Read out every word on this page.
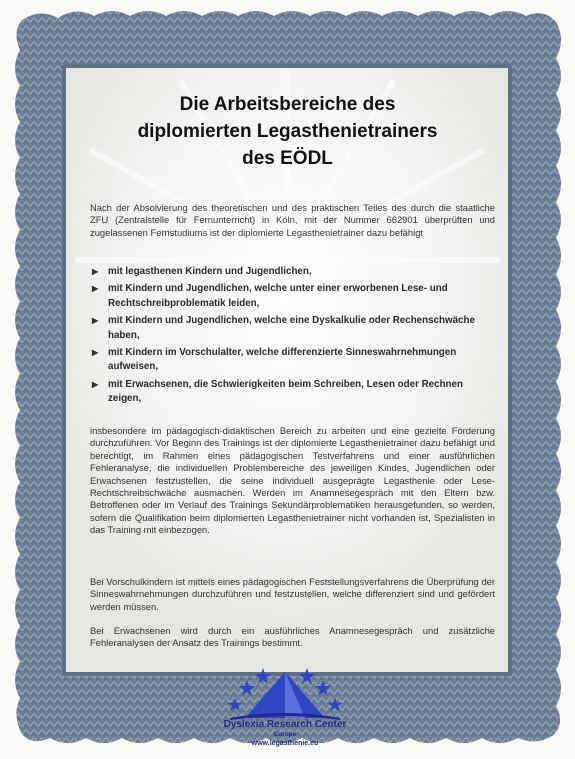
Die Arbeitsbereiche des
diplomierten Legasthenietrainers
des EÖDL

Nach der Absolvierung des theoretischen und des praktischen Teiles des durch die staatliche ZFU (Zentralstelle für Fernunterricht) in Köln, mit der Nummer 662901 überprüften und zugelassenen Fernstudiums ist der diplomierte Legasthenietrainer dazu befähigt

▶ mit legasthenen Kindern und Jugendlichen,
▶ mit Kindern und Jugendlichen, welche unter einer erworbenen Lese- und Rechtschreibproblematik leiden,
▶ mit Kindern und Jugendlichen, welche eine Dyskalkulie oder Rechenschwäche haben,
▶ mit Kindern im Vorschulalter, welche differenzierte Sinneswahrnehmungen aufweisen,
▶ mit Erwachsenen, die Schwierigkeiten beim Schreiben, Lesen oder Rechnen zeigen,

insbesondere im pädagogisch-didaktischen Bereich zu arbeiten und eine gezielte Förderung durchzuführen. Vor Beginn des Trainings ist der diplomierte Legasthenietrainer dazu befähigt und berechtigt, im Rahmen eines pädagogischen Testverfahrens und einer ausführlichen Fehleranalyse, die individuellen Problembereiche des jeweiligen Kindes, Jugendlichen oder Erwachsenen festzustellen, die seine individuell ausgeprägte Legasthenie oder Lese- Rechtschreibschwäche ausmachen. Werden im Anamnesegespräch mit den Eltern bzw. Betroffenen oder im Verlauf des Trainings Sekundärproblematiken herausgefunden, so werden, sofern die Qualifikation beim diplomierten Legasthenietrainer nicht vorhanden ist, Spezialisten in das Training mit einbezogen.

Bei Vorschulkindern ist mittels eines pädagogischen Feststellungsverfahrens die Überprüfung der Sinneswahrnehmungen durchzuführen und festzustellen, welche differenziert sind und gefördert werden müssen.

Bei Erwachsenen wird durch ein ausführliches Anamnesegespräch und zusätzliche Fehleranalysen der Ansatz des Trainings bestimmt.

Dyslexia Research Center

Europe

www.legasthenie.eu
